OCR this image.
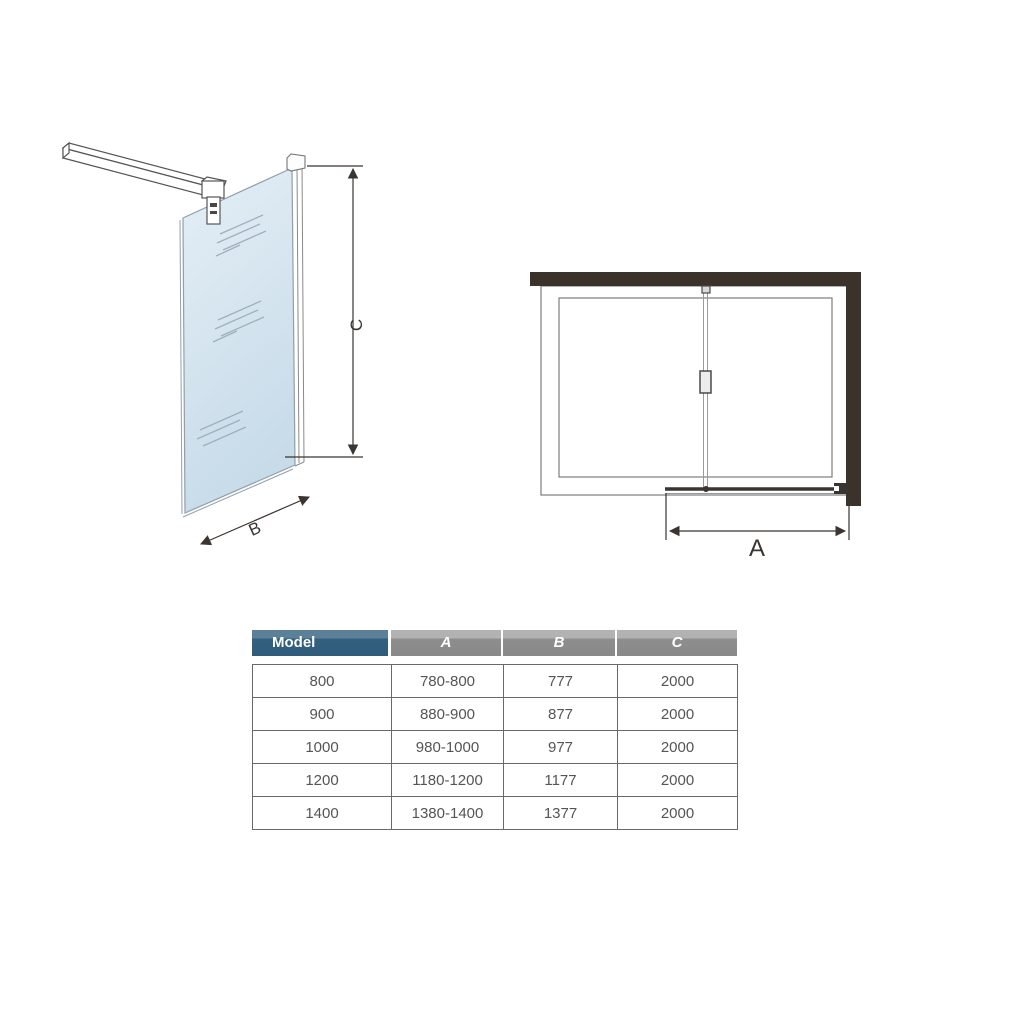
C
B
A
Model	A	B	C
800	780-800	777	2000
900	880-900	877	2000
1000	980-1000	977	2000
1200	1180-1200	1177	2000
1400	1380-1400	1377	2000
